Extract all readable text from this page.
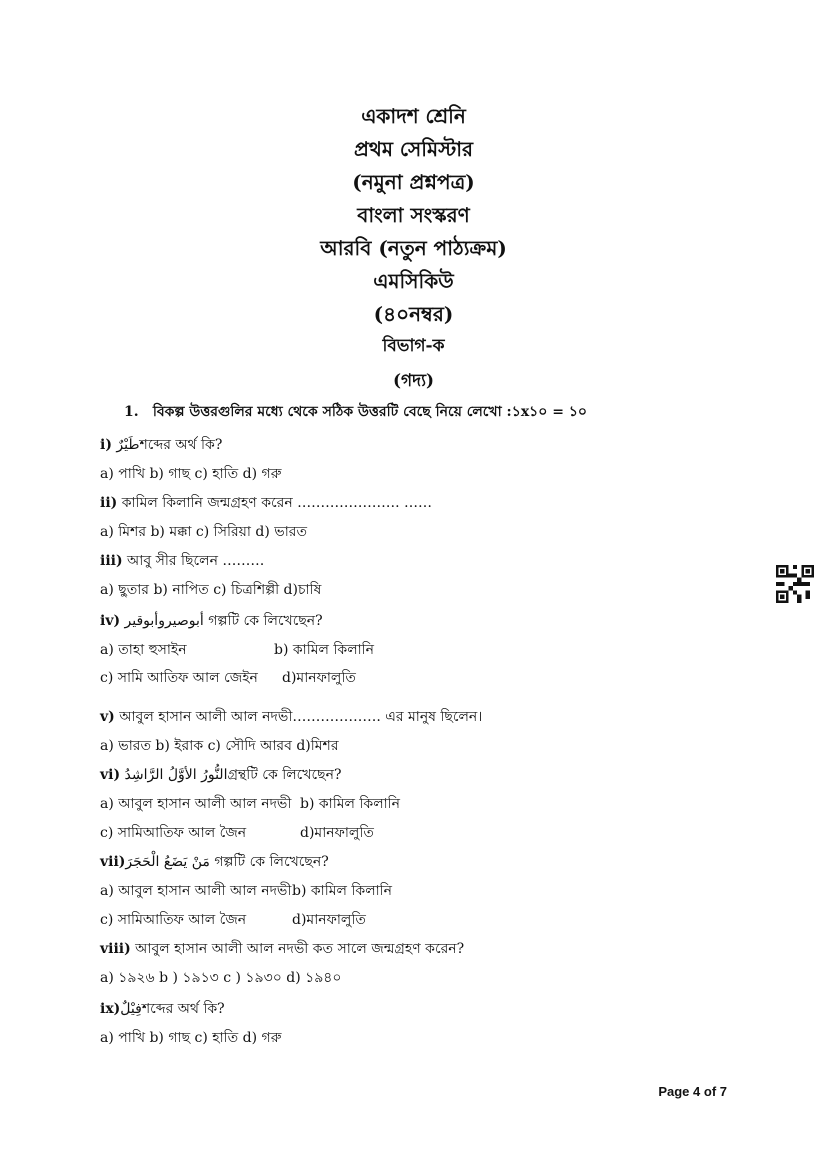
একাদশ শ্রেনি
প্রথম সেমিস্টার
(নমুনা প্রশ্নপত্র)
বাংলা সংস্করণ
আরবি (নতুন পাঠ্যক্রম)
এমসিকিউ
(৪০নম্বর)
বিভাগ-ক
(গদ্য)
1. বিকল্প উত্তরগুলির মধ্যে থেকে সঠিক উত্তরটি বেছে নিয়ে লেখো :১x১০ = ১০
i) طَيْرٌশব্দের অর্থ কি?
a) পাখি b) গাছ c) হাতি d) গরু
ii) কামিল কিলানি জন্মগ্রহণ করেন …………………. ……
a) মিশর b) মক্কা c) সিরিয়া d) ভারত
iii) আবু সীর ছিলেন ………
a) ছুতার b) নাপিত c) চিত্রশিল্পী d)চাষি
iv) أبوصيروأبوقير গল্পটি কে লিখেছেন?
a) তাহা হুসাইন	b) কামিল কিলানি
c) সামি আতিফ আল জেইন d)মানফালুতি
v) আবুল হাসান আলী আল নদভী………………. এর মানুষ ছিলেন।
a) ভারত b) ইরাক c) সৌদি আরব d)মিশর
vi) النُّورُ الأوَّلُ الرَّاشِدُগ্রন্থটি কে লিখেছেন?
a) আবুল হাসান আলী আল নদভী b) কামিল কিলানি
c) সামিআতিফ আল জৈন	d)মানফালুতি
vii)مَنْ يَضَعُ الْحَجَرَ গল্পটি কে লিখেছেন?
a) আবুল হাসান আলী আল নদভী b) কামিল কিলানি
c) সামিআতিফ আল জৈন	d)মানফালুতি
viii) আবুল হাসান আলী আল নদভী কত সালে জন্মগ্রহণ করেন?
a) ১৯২৬ b ) ১৯১৩ c ) ১৯৩০ d) ১৯৪০
ix)فِيْلٌশব্দের অর্থ কি?
a) পাখি b) গাছ c) হাতি d) গরু
Page 4 of 7
